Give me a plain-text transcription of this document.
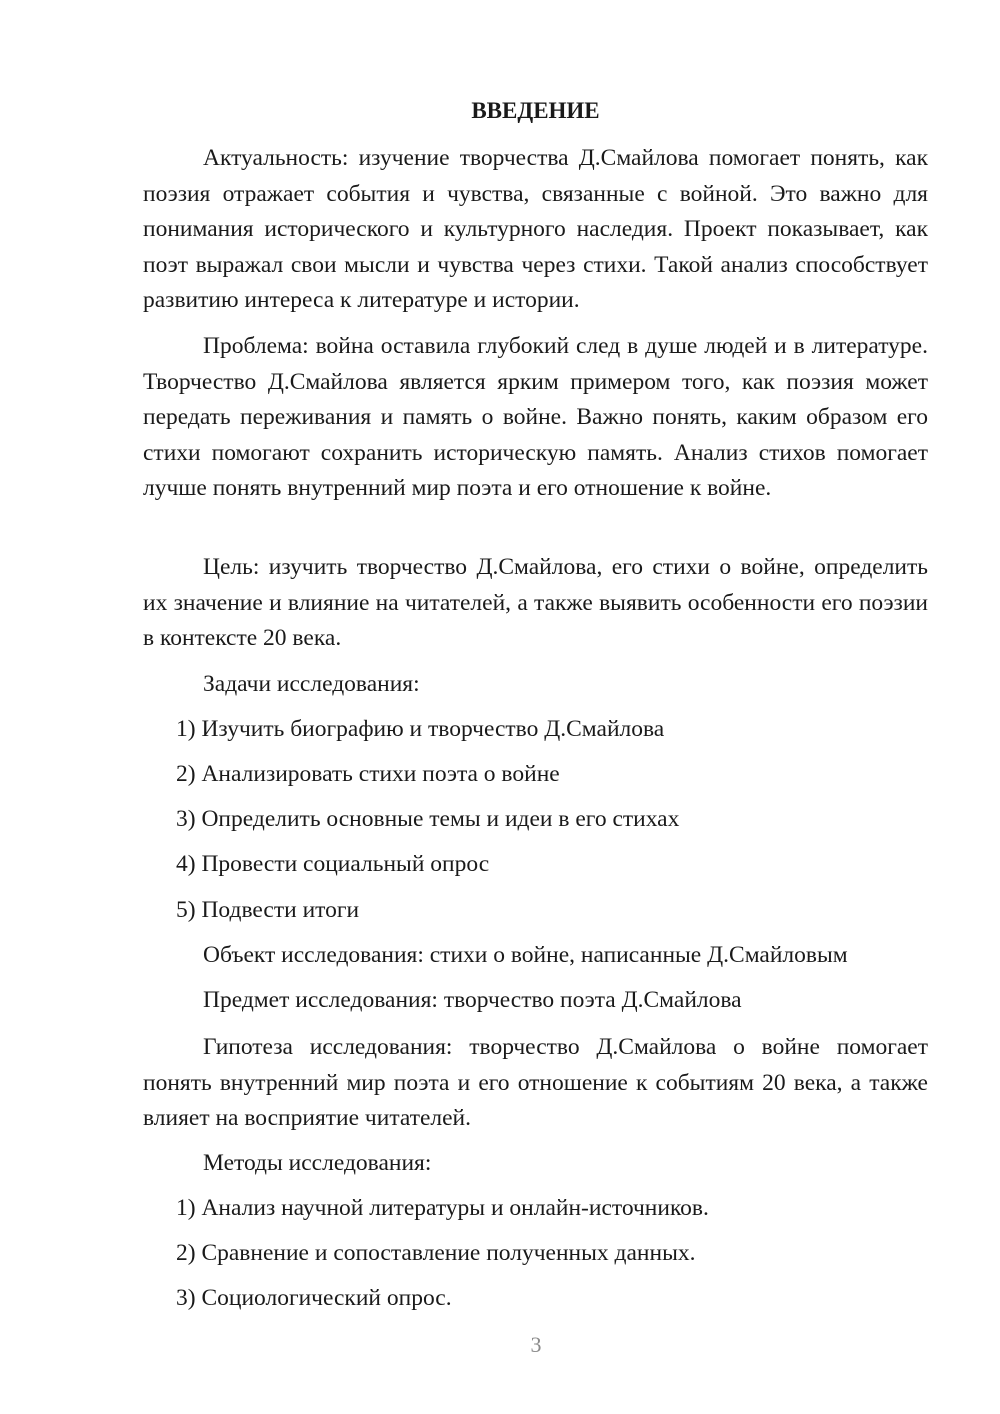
ВВЕДЕНИЕ

Актуальность: изучение творчества Д.Смайлова помогает понять, как поэзия отражает события и чувства, связанные с войной. Это важно для понимания исторического и культурного наследия. Проект показывает, как поэт выражал свои мысли и чувства через стихи. Такой анализ способствует развитию интереса к литературе и истории.

Проблема: война оставила глубокий след в душе людей и в литературе. Творчество Д.Смайлова является ярким примером того, как поэзия может передать переживания и память о войне. Важно понять, каким образом его стихи помогают сохранить историческую память. Анализ стихов помогает лучше понять внутренний мир поэта и его отношение к войне.

Цель: изучить творчество Д.Смайлова, его стихи о войне, определить их значение и влияние на читателей, а также выявить особенности его поэзии в контексте 20 века.

Задачи исследования:

1) Изучить биографию и творчество Д.Смайлова

2) Анализировать стихи поэта о войне

3) Определить основные темы и идеи в его стихах

4) Провести социальный опрос

5) Подвести итоги

Объект исследования: стихи о войне, написанные Д.Смайловым

Предмет исследования: творчество поэта Д.Смайлова

Гипотеза исследования: творчество Д.Смайлова о войне помогает понять внутренний мир поэта и его отношение к событиям 20 века, а также влияет на восприятие читателей.

Методы исследования:

1) Анализ научной литературы и онлайн-источников.

2) Сравнение и сопоставление полученных данных.

3) Социологический опрос.

3
